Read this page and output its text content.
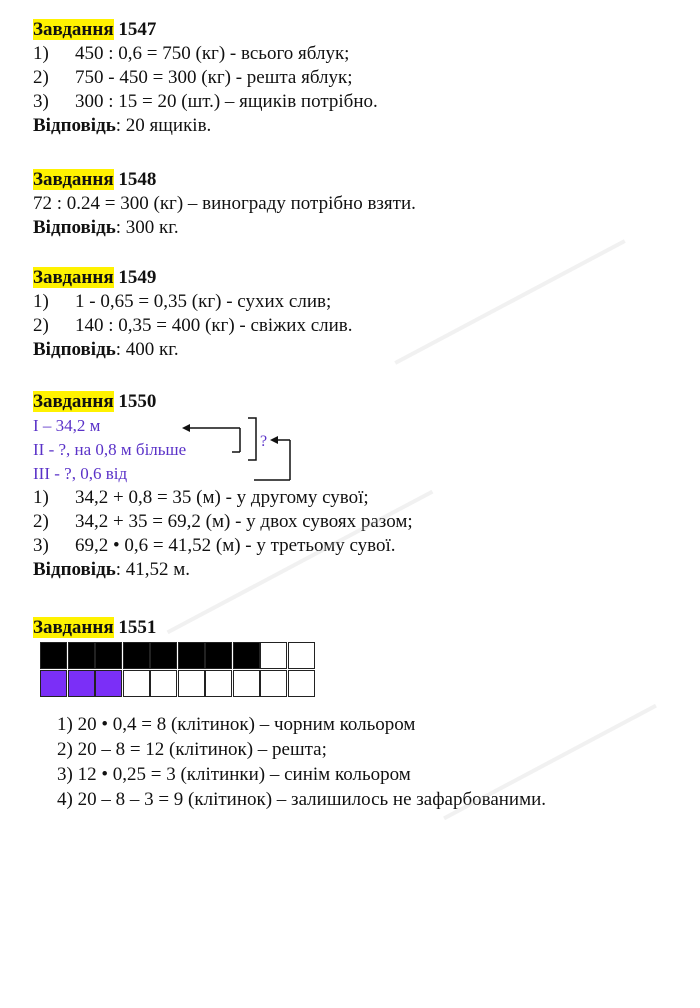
Завдання 1547
1) 450 : 0,6 = 750 (кг) - всього яблук;
2) 750 - 450 = 300 (кг) - решта яблук;
3) 300 : 15 = 20 (шт.) – ящиків потрібно.
Відповідь: 20 ящиків.
Завдання 1548
72 : 0.24 = 300 (кг) – винограду потрібно взяти.
Відповідь: 300 кг.
Завдання 1549
1) 1 - 0,65 = 0,35 (кг) - сухих слив;
2) 140 : 0,35 = 400 (кг) - свіжих слив.
Відповідь: 400 кг.
Завдання 1550
І – 34,2 м
ІІ - ?, на 0,8 м більше
ІІІ - ?, 0,6 від
1) 34,2 + 0,8 = 35 (м) - у другому сувої;
2) 34,2 + 35 = 69,2 (м) - у двох сувоях разом;
3) 69,2 • 0,6 = 41,52 (м) - у третьому сувої.
Відповідь: 41,52 м.
?
Завдання 1551
1) 20 • 0,4 = 8 (клітинок) – чорним кольором
2) 20 – 8 = 12 (клітинок) – решта;
3) 12 • 0,25 = 3 (клітинки) – синім кольором
4) 20 – 8 – 3 = 9 (клітинок) – залишилось не зафарбованими.
